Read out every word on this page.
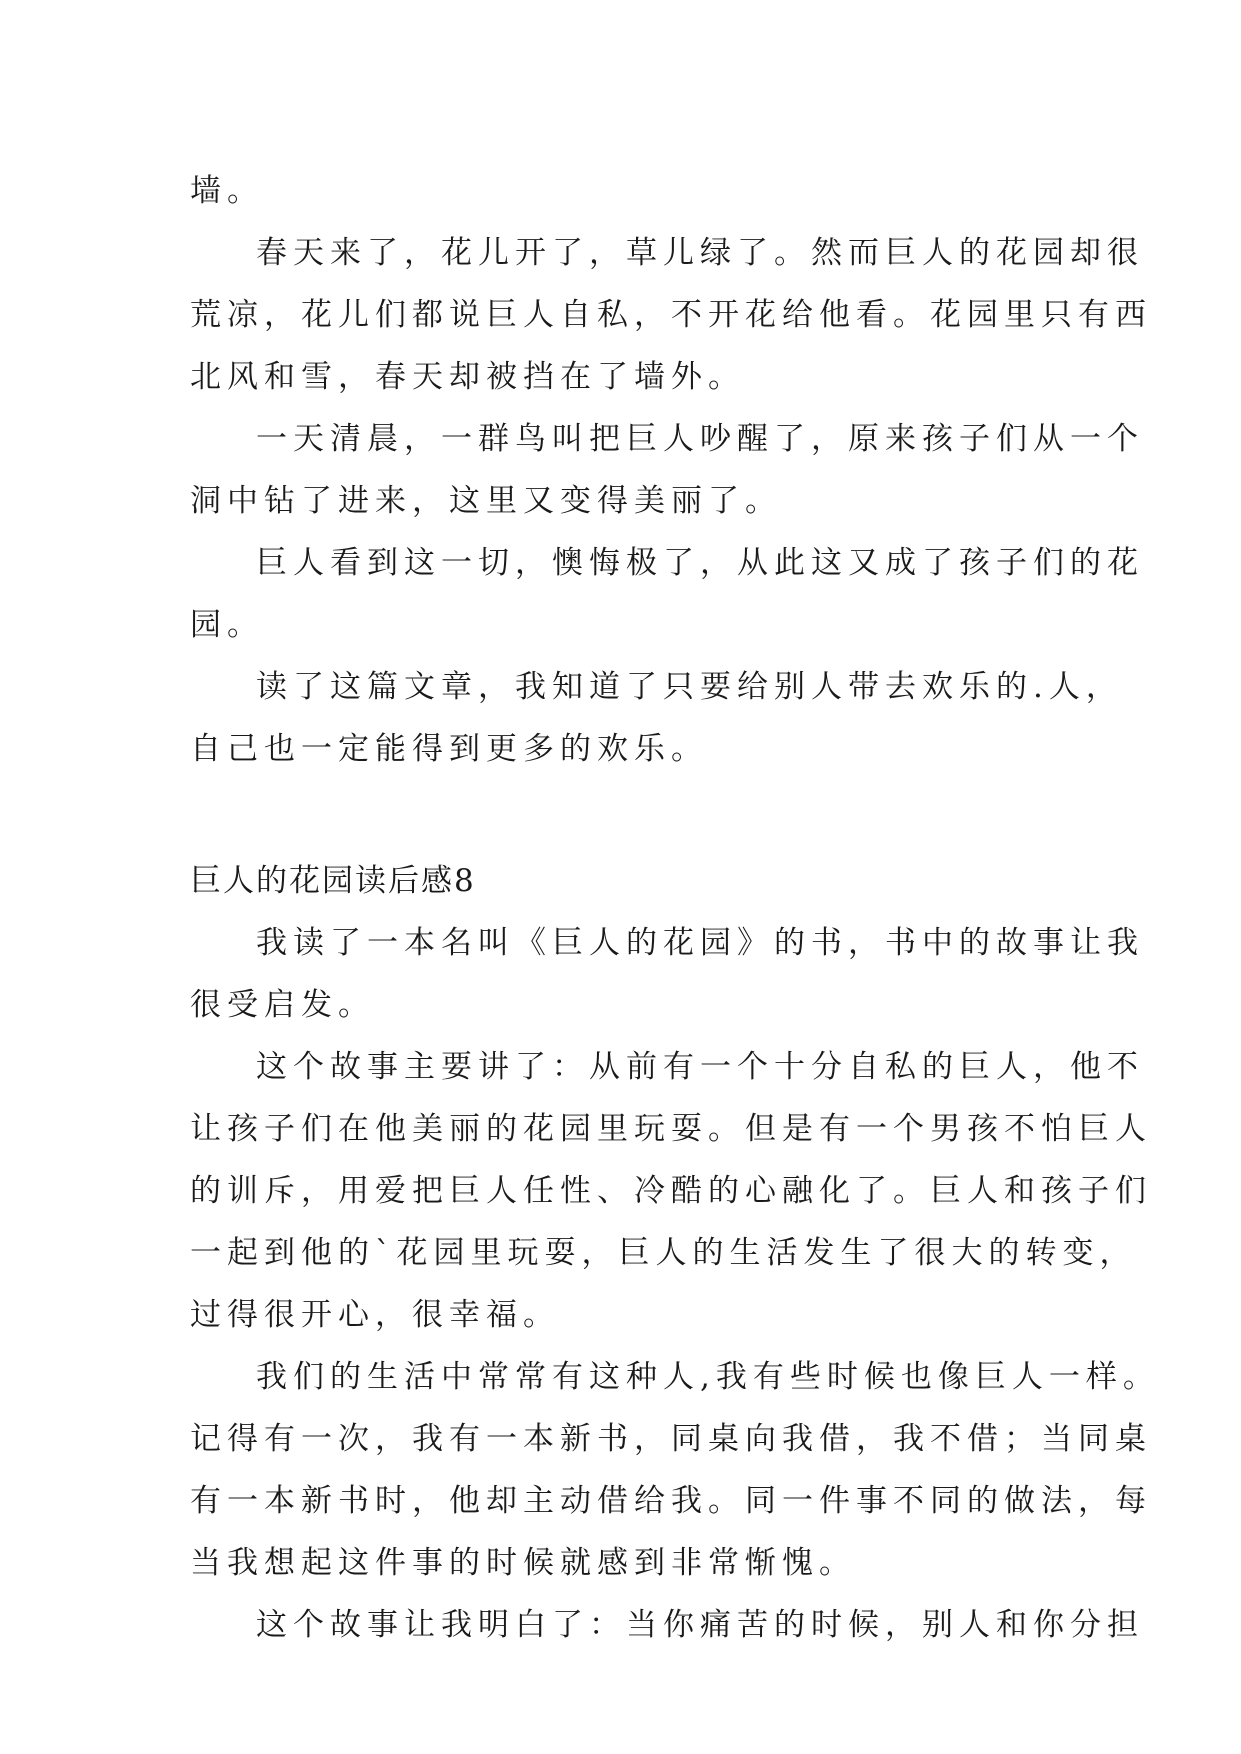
墙。
春天来了，花儿开了，草儿绿了。然而巨人的花园却很
荒凉，花儿们都说巨人自私，不开花给他看。花园里只有西
北风和雪，春天却被挡在了墙外。
一天清晨，一群鸟叫把巨人吵醒了，原来孩子们从一个
洞中钻了进来，这里又变得美丽了。
巨人看到这一切，懊悔极了，从此这又成了孩子们的花
园。
读了这篇文章，我知道了只要给别人带去欢乐的.人，
自己也一定能得到更多的欢乐。
巨人的花园读后感8
我读了一本名叫《巨人的花园》的书，书中的故事让我
很受启发。
这个故事主要讲了：从前有一个十分自私的巨人，他不
让孩子们在他美丽的花园里玩耍。但是有一个男孩不怕巨人
的训斥，用爱把巨人任性、冷酷的心融化了。巨人和孩子们
一起到他的`花园里玩耍，巨人的生活发生了很大的转变，
过得很开心，很幸福。
我们的生活中常常有这种人,我有些时候也像巨人一样。
记得有一次，我有一本新书，同桌向我借，我不借；当同桌
有一本新书时，他却主动借给我。同一件事不同的做法，每
当我想起这件事的时候就感到非常惭愧。
这个故事让我明白了：当你痛苦的时候，别人和你分担
